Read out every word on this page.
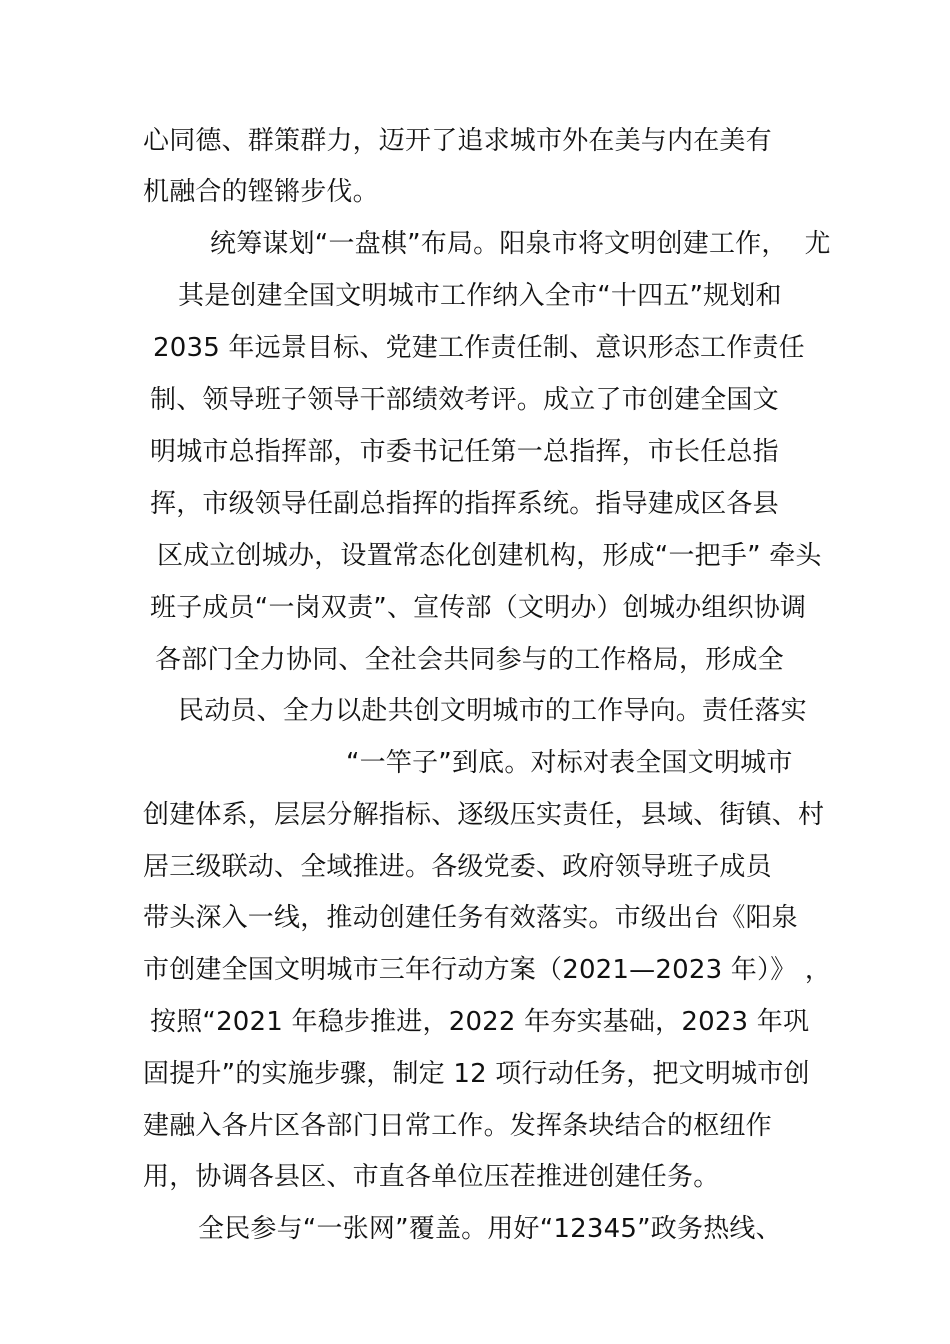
心同德、群策群力，迈开了追求城市外在美与内在美有
机融合的铿锵步伐。
统筹谋划“一盘棋”布局。阳泉市将文明创建工作，  尤
其是创建全国文明城市工作纳入全市“十四五”规划和
2035 年远景目标、党建工作责任制、意识形态工作责任
制、领导班子领导干部绩效考评。成立了市创建全国文
明城市总指挥部，市委书记任第一总指挥，市长任总指
挥，市级领导任副总指挥的指挥系统。指导建成区各县
区成立创城办，设置常态化创建机构，形成“一把手” 牵头
班子成员“一岗双责”、宣传部（文明办）创城办组织协调
各部门全力协同、全社会共同参与的工作格局，形成全
民动员、全力以赴共创文明城市的工作导向。责任落实
“一竿子”到底。对标对表全国文明城市
创建体系，层层分解指标、逐级压实责任，县域、街镇、村
居三级联动、全域推进。各级党委、政府领导班子成员
带头深入一线，推动创建任务有效落实。市级出台《阳泉
市创建全国文明城市三年行动方案（2021—2023 年）》 ，
按照“2021 年稳步推进，2022 年夯实基础，2023 年巩
固提升”的实施步骤，制定 12 项行动任务，把文明城市创
建融入各片区各部门日常工作。发挥条块结合的枢纽作
用，协调各县区、市直各单位压茬推进创建任务。
全民参与“一张网”覆盖。用好“12345”政务热线、
